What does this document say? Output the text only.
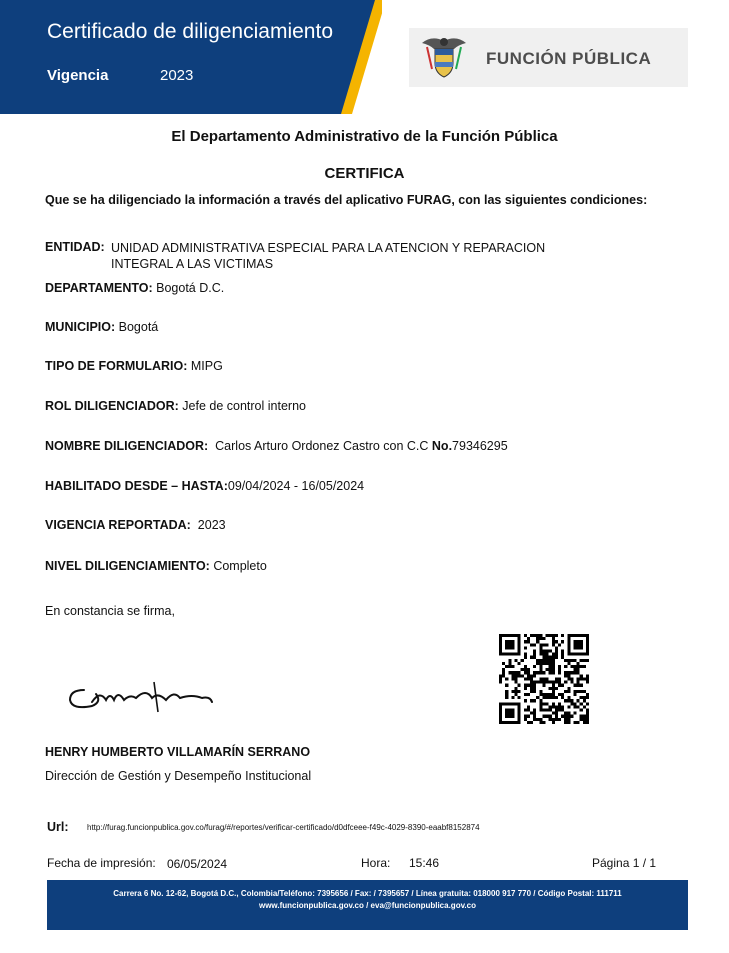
Certificado de diligenciamiento
Vigencia	2023
FUNCIÓN PÚBLICA
El Departamento Administrativo de la Función Pública
CERTIFICA
Que se ha diligenciado la información a través del aplicativo FURAG, con las siguientes condiciones:
ENTIDAD: UNIDAD ADMINISTRATIVA ESPECIAL PARA LA ATENCION Y REPARACION
INTEGRAL A LAS VICTIMAS
DEPARTAMENTO: Bogotá D.C.
MUNICIPIO: Bogotá
TIPO DE FORMULARIO: MIPG
ROL DILIGENCIADOR: Jefe de control interno
NOMBRE DILIGENCIADOR: Carlos Arturo Ordonez Castro con C.C No.79346295
HABILITADO DESDE – HASTA:09/04/2024 - 16/05/2024
VIGENCIA REPORTADA: 2023
NIVEL DILIGENCIAMIENTO: Completo
En constancia se firma,
HENRY HUMBERTO VILLAMARÍN SERRANO
Dirección de Gestión y Desempeño Institucional
Url: http://furag.funcionpublica.gov.co/furag/#/reportes/verificar-certificado/d0dfceee-f49c-4029-8390-eaabf8152874
Fecha de impresión: 06/05/2024	Hora: 15:46	Página 1 / 1
Carrera 6 No. 12-62, Bogotá D.C., Colombia/Teléfono: 7395656 / Fax: / 7395657 / Línea gratuita: 018000 917 770 / Código Postal: 111711
www.funcionpublica.gov.co / eva@funcionpublica.gov.co
